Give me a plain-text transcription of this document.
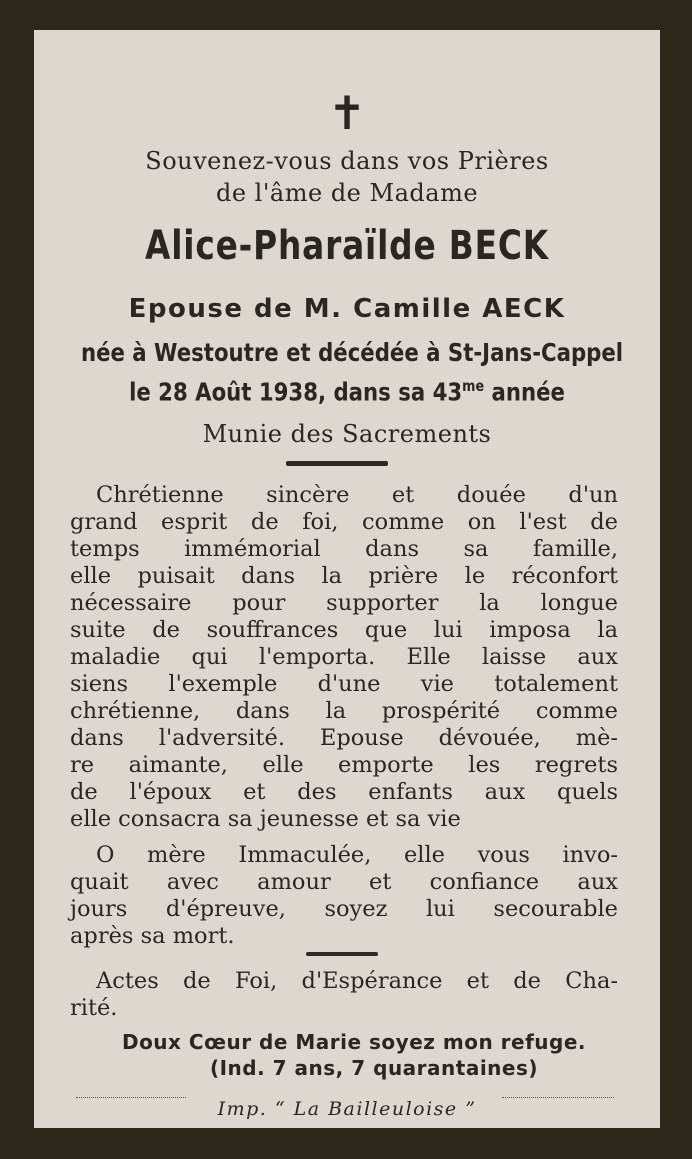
✝
Souvenez-vous dans vos Prières
de l'âme de Madame
Alice-Pharaïlde BECK
Epouse de M. Camille AECK
née à Westoutre et décédée à St-Jans-Cappel
le 28 Août 1938, dans sa $43^{me}$ année
Munie des Sacrements
Chrétienne sincère et douée d'un
grand esprit de foi, comme on l'est de
temps immémorial dans sa famille,
elle puisait dans la prière le réconfort
nécessaire pour supporter la longue
suite de souffrances que lui imposa la
maladie qui l'emporta. Elle laisse aux
siens l'exemple d'une vie totalement
chrétienne, dans la prospérité comme
dans l'adversité. Epouse dévouée, mè-
re aimante, elle emporte les regrets
de l'époux et des enfants aux quels
elle consacra sa jeunesse et sa vie
O mère Immaculée, elle vous invo-
quait avec amour et confiance aux
jours d'épreuve, soyez lui secourable
après sa mort.
Actes de Foi, d'Espérance et de Cha-
rité.
Doux Cœur de Marie soyez mon refuge.
(Ind. 7 ans, 7 quarantaines)
Imp. “ La Bailleuloise ”
